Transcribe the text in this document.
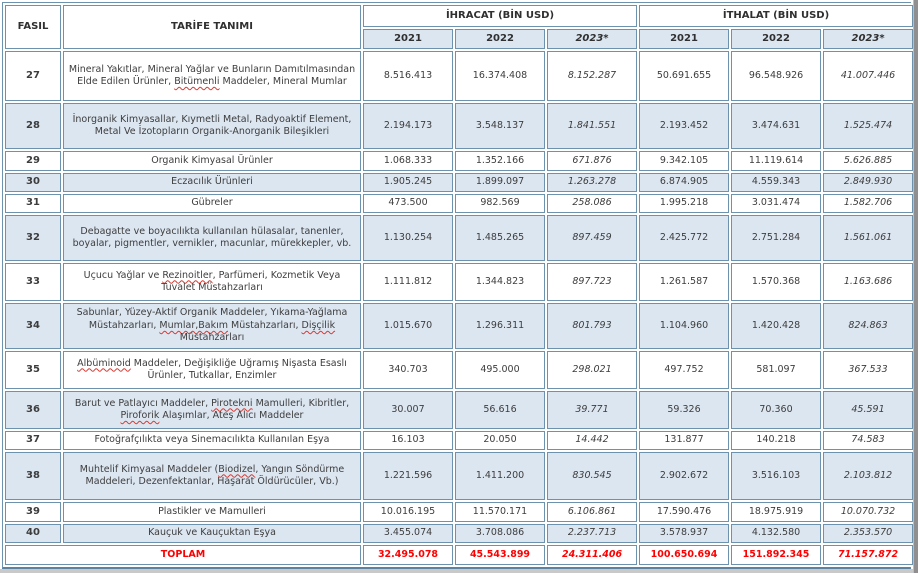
FASIL	TARİFE TANIMI	İHRACAT (BİN USD)			İTHALAT (BİN USD)		
		2021	2022	2023*	2021	2022	2023*
27	Mineral Yakıtlar, Mineral Yağlar ve Bunların Damıtılmasından Elde Edilen Ürünler, Bitümenli Maddeler, Mineral Mumlar	8.516.413	16.374.408	8.152.287	50.691.655	96.548.926	41.007.446
28	İnorganik Kimyasallar, Kıymetli Metal, Radyoaktif Element, Metal Ve İzotopların Organik-Anorganik Bileşikleri	2.194.173	3.548.137	1.841.551	2.193.452	3.474.631	1.525.474
29	Organik Kimyasal Ürünler	1.068.333	1.352.166	671.876	9.342.105	11.119.614	5.626.885
30	Eczacılık Ürünleri	1.905.245	1.899.097	1.263.278	6.874.905	4.559.343	2.849.930
31	Gübreler	473.500	982.569	258.086	1.995.218	3.031.474	1.582.706
32	Debagatte ve boyacılıkta kullanılan hülasalar, tanenler, boyalar, pigmentler, vernikler, macunlar, mürekkepler, vb.	1.130.254	1.485.265	897.459	2.425.772	2.751.284	1.561.061
33	Uçucu Yağlar ve Rezinoitler, Parfümeri, Kozmetik Veya Tuvalet Müstahzarları	1.111.812	1.344.823	897.723	1.261.587	1.570.368	1.163.686
34	Sabunlar, Yüzey-Aktif Organik Maddeler, Yıkama-Yağlama Müstahzarları, Mumlar,Bakım Müstahzarları, Dişçilik Müstahzarları	1.015.670	1.296.311	801.793	1.104.960	1.420.428	824.863
35	Albüminoid Maddeler, Değişikliğe Uğramış Nişasta Esaslı Ürünler, Tutkallar, Enzimler	340.703	495.000	298.021	497.752	581.097	367.533
36	Barut ve Patlayıcı Maddeler, Pirotekni Mamulleri, Kibritler, Piroforik Alaşımlar, Ateş Alıcı Maddeler	30.007	56.616	39.771	59.326	70.360	45.591
37	Fotoğrafçılıkta veya Sinemacılıkta Kullanılan Eşya	16.103	20.050	14.442	131.877	140.218	74.583
38	Muhtelif Kimyasal Maddeler (Biodizel, Yangın Söndürme Maddeleri, Dezenfektanlar, Haşarat Öldürücüler, Vb.)	1.221.596	1.411.200	830.545	2.902.672	3.516.103	2.103.812
39	Plastikler ve Mamulleri	10.016.195	11.570.171	6.106.861	17.590.476	18.975.919	10.070.732
40	Kauçuk ve Kauçuktan Eşya	3.455.074	3.708.086	2.237.713	3.578.937	4.132.580	2.353.570
TOPLAM		32.495.078	45.543.899	24.311.406	100.650.694	151.892.345	71.157.872
